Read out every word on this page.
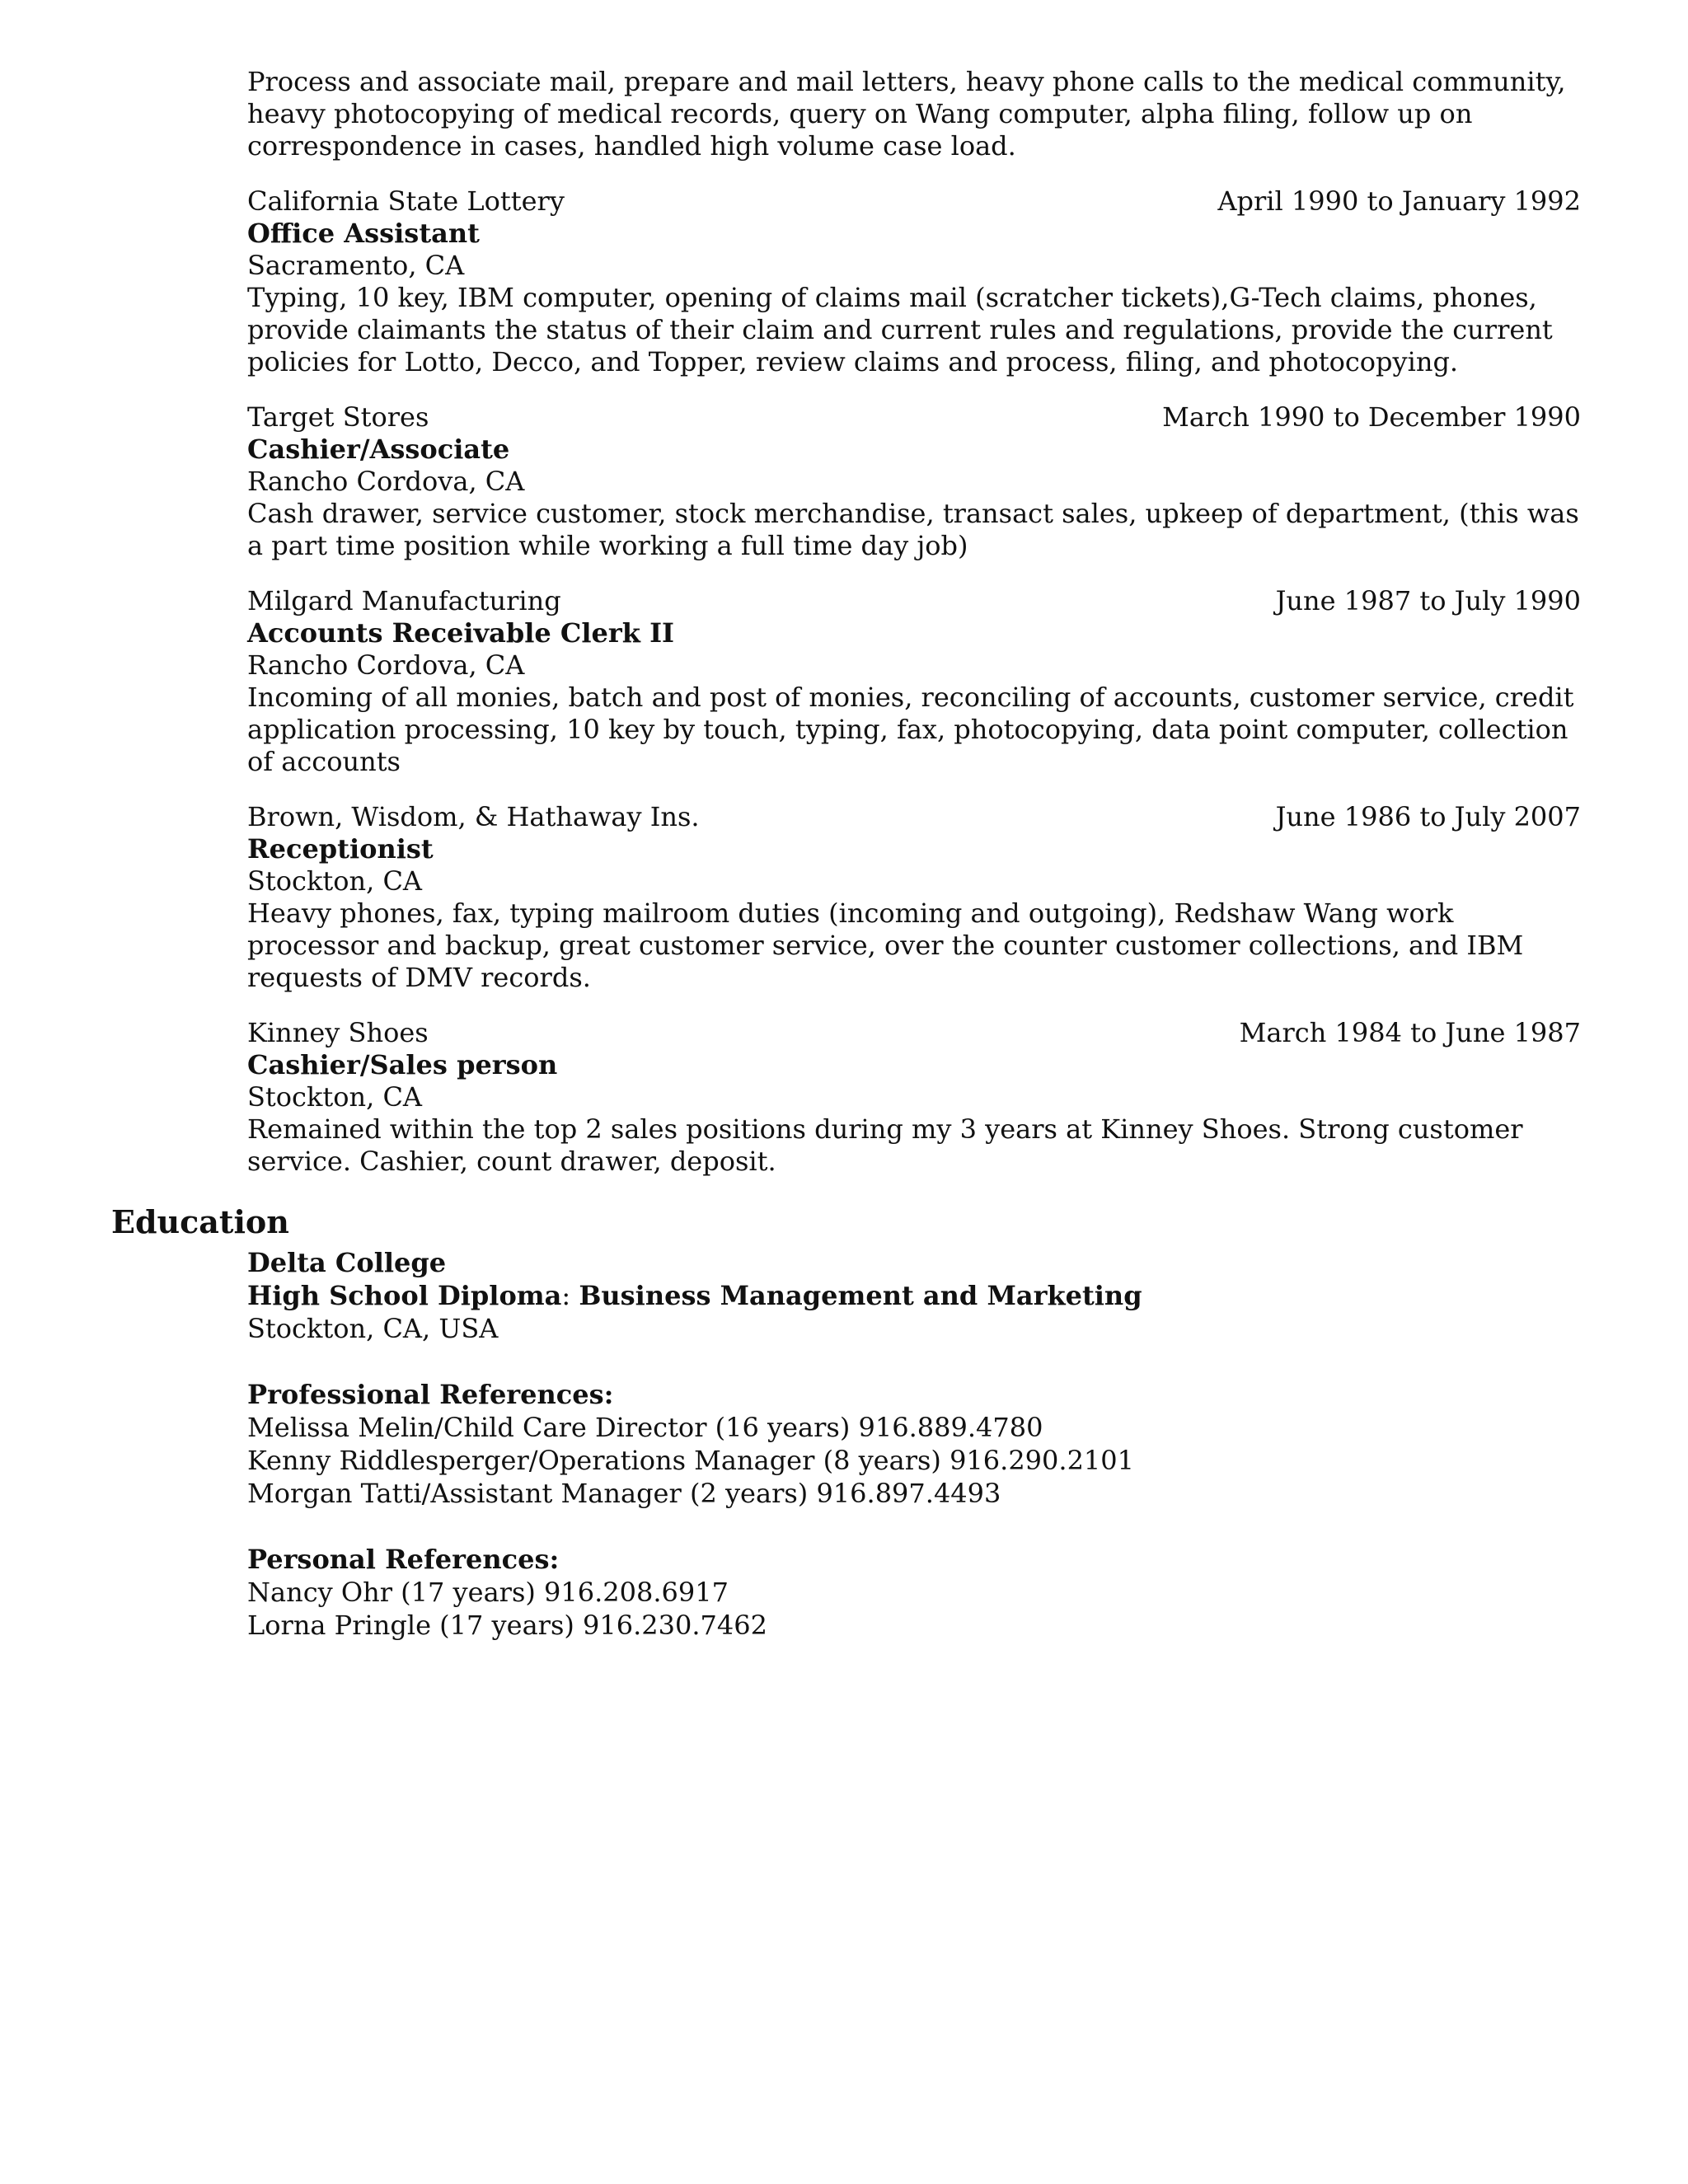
Process and associate mail, prepare and mail letters, heavy phone calls to the medical community, heavy photocopying of medical records, query on Wang computer, alpha filing, follow up on correspondence in cases, handled high volume case load.

California State Lottery	April 1990 to January 1992
Office Assistant
Sacramento, CA

Typing, 10 key, IBM computer, opening of claims mail (scratcher tickets),G-Tech claims, phones, provide claimants the status of their claim and current rules and regulations, provide the current policies for Lotto, Decco, and Topper, review claims and process, filing, and photocopying.

Target Stores	March 1990 to December 1990
Cashier/Associate
Rancho Cordova, CA

Cash drawer, service customer, stock merchandise, transact sales, upkeep of department, (this was a part time position while working a full time day job)

Milgard Manufacturing	June 1987 to July 1990
Accounts Receivable Clerk II
Rancho Cordova, CA

Incoming of all monies, batch and post of monies, reconciling of accounts, customer service, credit application processing, 10 key by touch, typing, fax, photocopying, data point computer, collection of accounts

Brown, Wisdom, & Hathaway Ins.	June 1986 to July 2007
Receptionist
Stockton, CA

Heavy phones, fax, typing mailroom duties (incoming and outgoing), Redshaw Wang work processor and backup, great customer service, over the counter customer collections, and IBM requests of DMV records.

Kinney Shoes	March 1984 to June 1987
Cashier/Sales person
Stockton, CA

Remained within the top 2 sales positions during my 3 years at Kinney Shoes. Strong customer service. Cashier, count drawer, deposit.

Education
Delta College
High School Diploma: Business Management and Marketing
Stockton, CA, USA
Professional References:
Melissa Melin/Child Care Director (16 years) 916.889.4780
Kenny Riddlesperger/Operations Manager (8 years) 916.290.2101
Morgan Tatti/Assistant Manager (2 years) 916.897.4493
Personal References:
Nancy Ohr (17 years) 916.208.6917
Lorna Pringle (17 years) 916.230.7462
